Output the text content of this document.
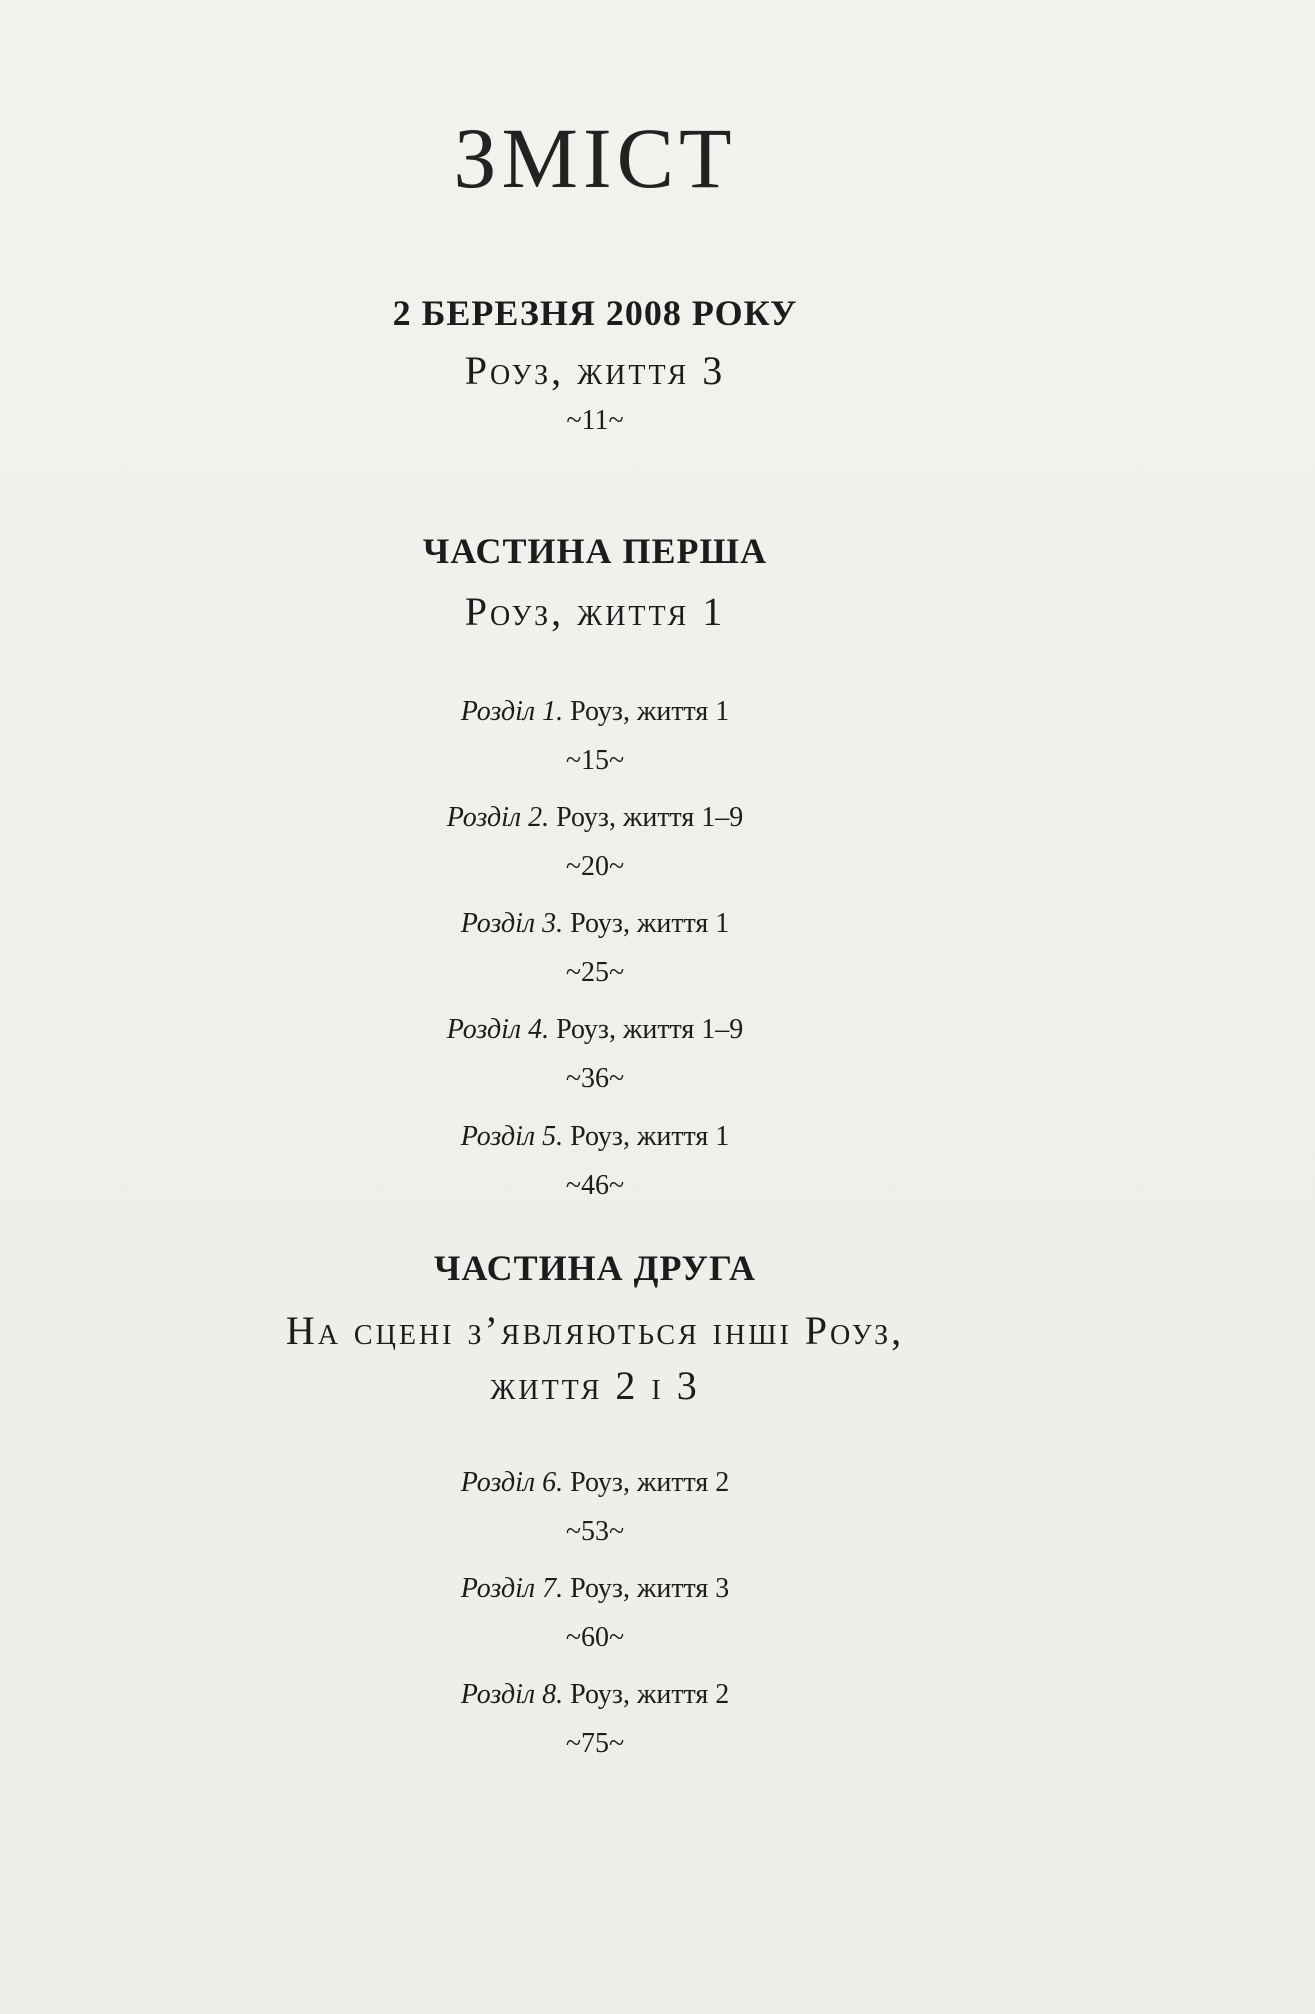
ЗМІСТ
2 БЕРЕЗНЯ 2008 РОКУ
Роуз, життя 3
~11~
ЧАСТИНА ПЕРША
Роуз, життя 1
Розділ 1. Роуз, життя 1
~15~
Розділ 2. Роуз, життя 1–9
~20~
Розділ 3. Роуз, життя 1
~25~
Розділ 4. Роуз, життя 1–9
~36~
Розділ 5. Роуз, життя 1
~46~
ЧАСТИНА ДРУГА
На сцені з’являються інші Роуз,
життя 2 і 3
Розділ 6. Роуз, життя 2
~53~
Розділ 7. Роуз, життя 3
~60~
Розділ 8. Роуз, життя 2
~75~
